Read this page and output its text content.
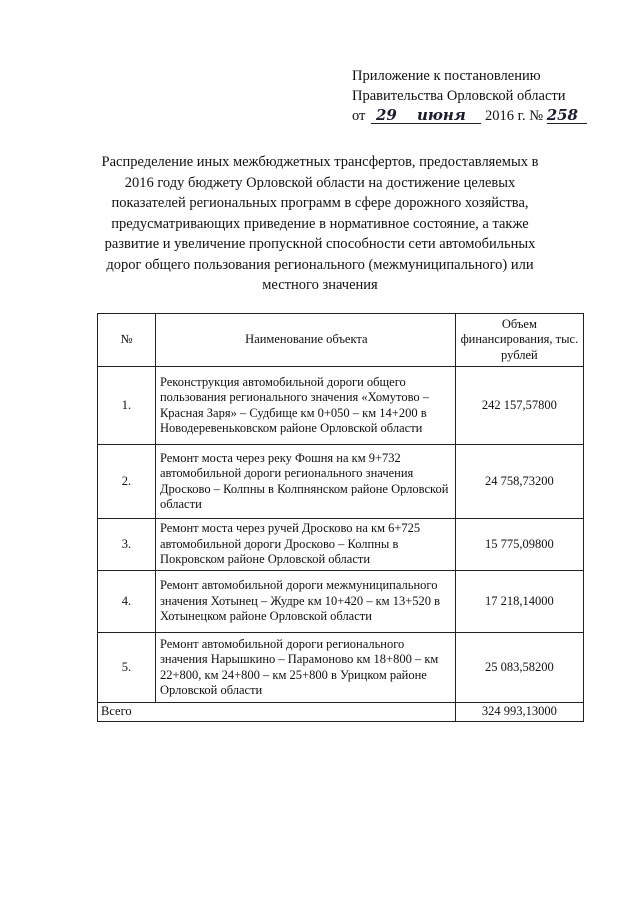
Приложение к постановлению
Правительства Орловской области
от 29 июня 2016 г. № 258
Распределение иных межбюджетных трансфертов, предоставляемых в 2016 году бюджету Орловской области на достижение целевых показателей региональных программ в сфере дорожного хозяйства, предусматривающих приведение в нормативное состояние, а также развитие и увеличение пропускной способности сети автомобильных дорог общего пользования регионального (межмуниципального) или местного значения
№	Наименование объекта	Объем финансирования, тыс. рублей
1.	Реконструкция автомобильной дороги общего пользования регионального значения «Хомутово – Красная Заря» – Судбище км 0+050 – км 14+200 в Новодеревеньковском районе Орловской области	242 157,57800
2.	Ремонт моста через реку Фошня на км 9+732 автомобильной дороги регионального значения Дросково – Колпны в Колпнянском районе Орловской области	24 758,73200
3.	Ремонт моста через ручей Дросково на км 6+725 автомобильной дороги Дросково – Колпны в Покровском районе Орловской области	15 775,09800
4.	Ремонт автомобильной дороги межмуниципального значения Хотынец – Жудре км 10+420 – км 13+520 в Хотынецком районе Орловской области	17 218,14000
5.	Ремонт автомобильной дороги регионального значения Нарышкино – Парамоново км 18+800 – км 22+800, км 24+800 – км 25+800 в Урицком районе Орловской области	25 083,58200
Всего		324 993,13000
